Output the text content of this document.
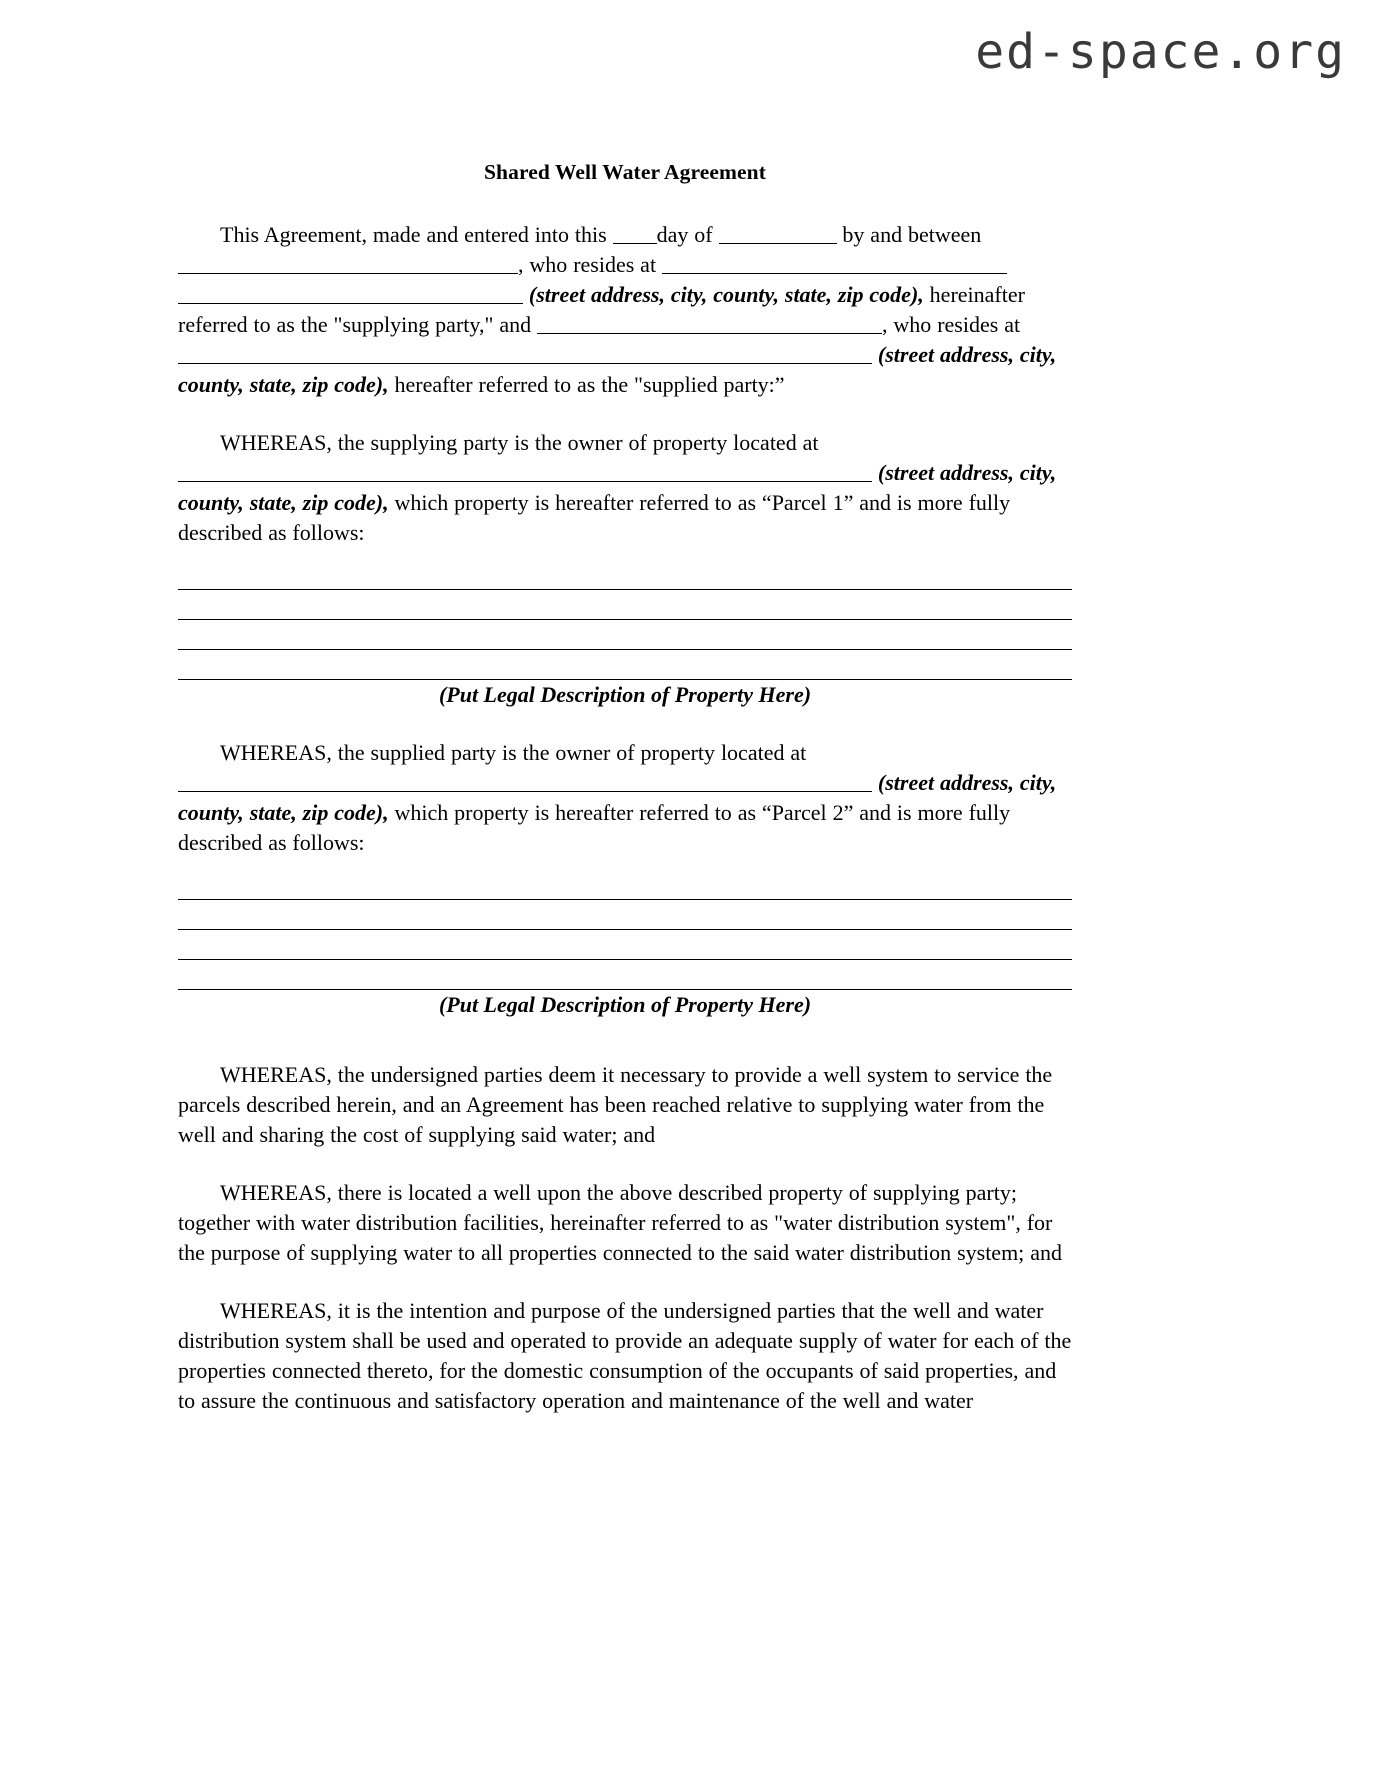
ed-space.org
Shared Well Water Agreement

This Agreement, made and entered into this day of	by and between

, who resides at

(street address, city, county, state, zip code), hereinafter

referred to as the "supplying party," and	, who resides at

(street address, city,

county, state, zip code), hereafter referred to as the "supplied party:”

WHEREAS, the supplying party is the owner of property located at

(street address, city,

county, state, zip code), which property is hereafter referred to as “Parcel 1” and is more fully

described as follows:

(Put Legal Description of Property Here)

WHEREAS, the supplied party is the owner of property located at

(street address, city,

county, state, zip code), which property is hereafter referred to as “Parcel 2” and is more fully

described as follows:

(Put Legal Description of Property Here)

WHEREAS, the undersigned parties deem it necessary to provide a well system to service the parcels described herein, and an Agreement has been reached relative to supplying water from the well and sharing the cost of supplying said water; and

WHEREAS, there is located a well upon the above described property of supplying party; together with water distribution facilities, hereinafter referred to as "water distribution system", for the purpose of supplying water to all properties connected to the said water distribution system; and

WHEREAS, it is the intention and purpose of the undersigned parties that the well and water distribution system shall be used and operated to provide an adequate supply of water for each of the properties connected thereto, for the domestic consumption of the occupants of said properties, and to assure the continuous and satisfactory operation and maintenance of the well and water
